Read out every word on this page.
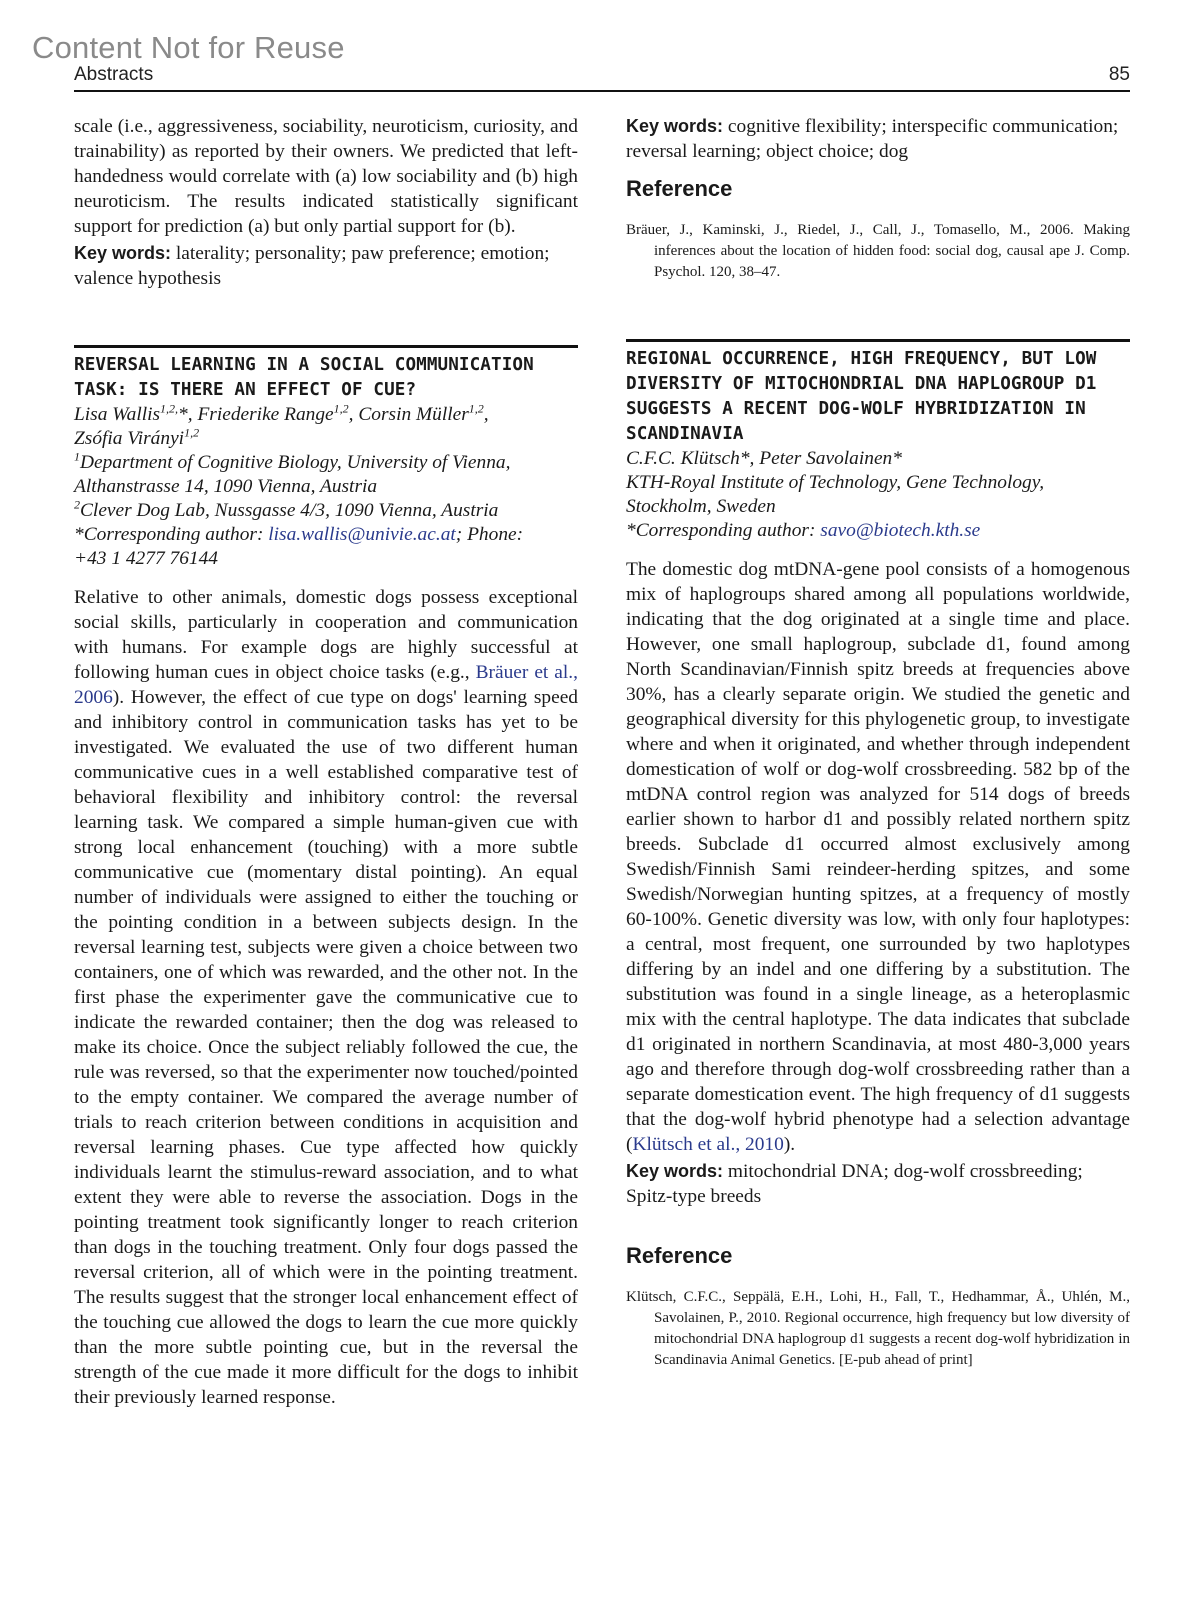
Content Not for Reuse
Abstracts	85

scale (i.e., aggressiveness, sociability, neuroticism, curiosity, and trainability) as reported by their owners. We predicted that left-handedness would correlate with (a) low sociability and (b) high neuroticism. The results indicated statistically significant support for prediction (a) but only partial support for (b).

Key words: laterality; personality; paw preference; emotion; valence hypothesis

REVERSAL LEARNING IN A SOCIAL COMMUNICATION
TASK: IS THERE AN EFFECT OF CUE?

Lisa Wallis$^{1,2,}$*, Friederike Range$^{1,2}$, Corsin Müller$^{1,2}$,
Zsófia Virányi$^{1,2}$

$^1$Department of Cognitive Biology, University of Vienna,
Althanstrasse 14, 1090 Vienna, Austria

$^2$Clever Dog Lab, Nussgasse 4/3, 1090 Vienna, Austria

*Corresponding author: lisa.wallis@univie.ac.at; Phone:
+43 1 4277 76144

Relative to other animals, domestic dogs possess exceptional social skills, particularly in cooperation and communication with humans. For example dogs are highly successful at following human cues in object choice tasks (e.g., Bräuer et al., 2006). However, the effect of cue type on dogs' learning speed and inhibitory control in communication tasks has yet to be investigated. We evaluated the use of two different human communicative cues in a well established comparative test of behavioral flexibility and inhibitory control: the reversal learning task. We compared a simple human-given cue with strong local enhancement (touching) with a more subtle communicative cue (momentary distal pointing). An equal number of individuals were assigned to either the touching or the pointing condition in a between subjects design. In the reversal learning test, subjects were given a choice between two containers, one of which was rewarded, and the other not. In the first phase the experimenter gave the communicative cue to indicate the rewarded container; then the dog was released to make its choice. Once the subject reliably followed the cue, the rule was reversed, so that the experimenter now touched/pointed to the empty container. We compared the average number of trials to reach criterion between conditions in acquisition and reversal learning phases. Cue type affected how quickly individuals learnt the stimulus-reward association, and to what extent they were able to reverse the association. Dogs in the pointing treatment took significantly longer to reach criterion than dogs in the touching treatment. Only four dogs passed the reversal criterion, all of which were in the pointing treatment. The results suggest that the stronger local enhancement effect of the touching cue allowed the dogs to learn the cue more quickly than the more subtle pointing cue, but in the reversal the strength of the cue made it more difficult for the dogs to inhibit their previously learned response.

Key words: cognitive flexibility; interspecific communication; reversal learning; object choice; dog

Reference

Bräuer, J., Kaminski, J., Riedel, J., Call, J., Tomasello, M., 2006. Making inferences about the location of hidden food: social dog, causal ape J. Comp. Psychol. 120, 38–47.

REGIONAL OCCURRENCE, HIGH FREQUENCY, BUT LOW
DIVERSITY OF MITOCHONDRIAL DNA HAPLOGROUP D1
SUGGESTS A RECENT DOG-WOLF HYBRIDIZATION IN
SCANDINAVIA

C.F.C. Klütsch*, Peter Savolainen*

KTH-Royal Institute of Technology, Gene Technology,
Stockholm, Sweden

*Corresponding author: savo@biotech.kth.se

The domestic dog mtDNA-gene pool consists of a homogenous mix of haplogroups shared among all populations worldwide, indicating that the dog originated at a single time and place. However, one small haplogroup, subclade d1, found among North Scandinavian/Finnish spitz breeds at frequencies above 30%, has a clearly separate origin. We studied the genetic and geographical diversity for this phylogenetic group, to investigate where and when it originated, and whether through independent domestication of wolf or dog-wolf crossbreeding. 582 bp of the mtDNA control region was analyzed for 514 dogs of breeds earlier shown to harbor d1 and possibly related northern spitz breeds. Subclade d1 occurred almost exclusively among Swedish/Finnish Sami reindeer-herding spitzes, and some Swedish/Norwegian hunting spitzes, at a frequency of mostly 60-100%. Genetic diversity was low, with only four haplotypes: a central, most frequent, one surrounded by two haplotypes differing by an indel and one differing by a substitution. The substitution was found in a single lineage, as a heteroplasmic mix with the central haplotype. The data indicates that subclade d1 originated in northern Scandinavia, at most 480-3,000 years ago and therefore through dog-wolf crossbreeding rather than a separate domestication event. The high frequency of d1 suggests that the dog-wolf hybrid phenotype had a selection advantage (Klütsch et al., 2010).

Key words: mitochondrial DNA; dog-wolf crossbreeding; Spitz-type breeds

Reference

Klütsch, C.F.C., Seppälä, E.H., Lohi, H., Fall, T., Hedhammar, Å., Uhlén, M., Savolainen, P., 2010. Regional occurrence, high frequency but low diversity of mitochondrial DNA haplogroup d1 suggests a recent dog-wolf hybridization in Scandinavia Animal Genetics. [E-pub ahead of print]
